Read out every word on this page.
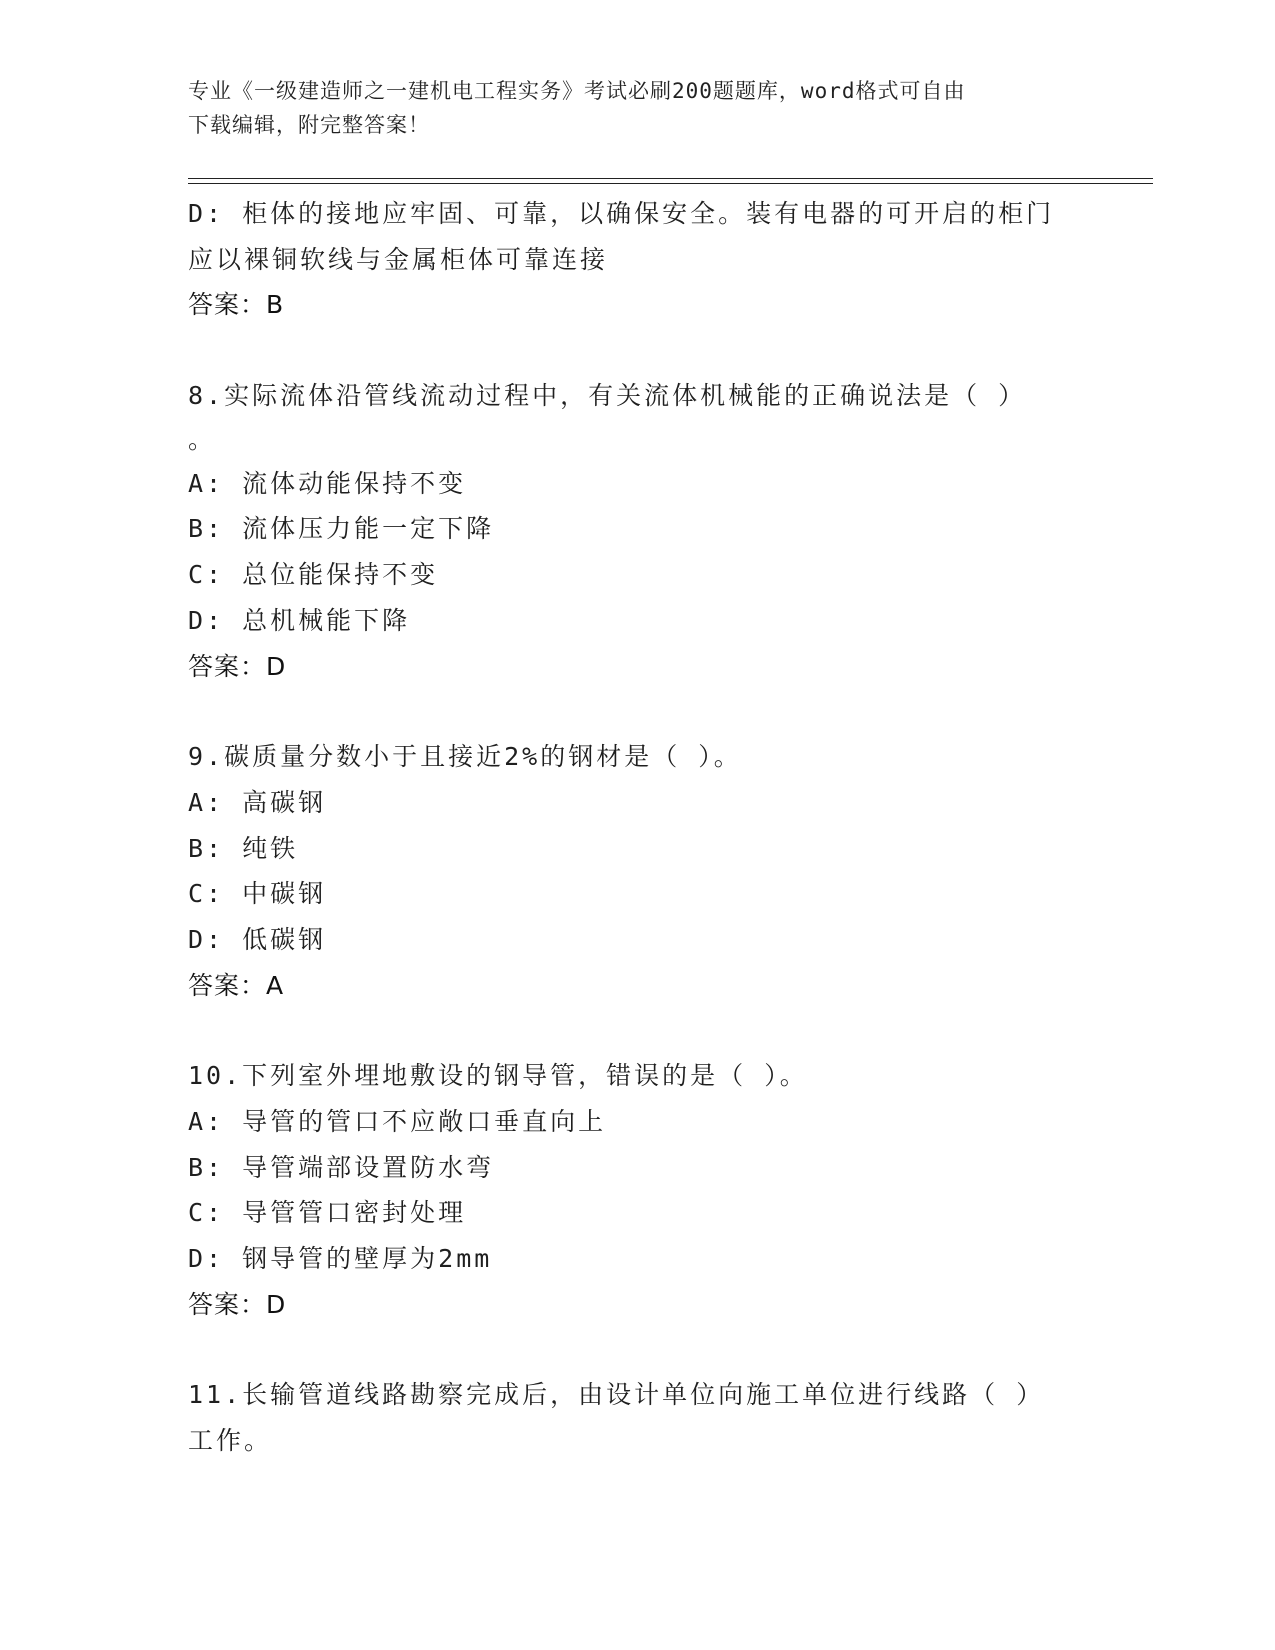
专业《一级建造师之一建机电工程实务》考试必刷200题题库，word格式可自由
下载编辑，附完整答案！
D: 柜体的接地应牢固、可靠，以确保安全。装有电器的可开启的柜门
应以裸铜软线与金属柜体可靠连接
答案：B
8.实际流体沿管线流动过程中，有关流体机械能的正确说法是（ ）
。
A: 流体动能保持不变
B: 流体压力能一定下降
C: 总位能保持不变
D: 总机械能下降
答案：D
9.碳质量分数小于且接近2%的钢材是（ ）。
A: 高碳钢
B: 纯铁
C: 中碳钢
D: 低碳钢
答案：A
10.下列室外埋地敷设的钢导管，错误的是（ ）。
A: 导管的管口不应敞口垂直向上
B: 导管端部设置防水弯
C: 导管管口密封处理
D: 钢导管的壁厚为2mm
答案：D
11.长输管道线路勘察完成后，由设计单位向施工单位进行线路（ ）
工作。
